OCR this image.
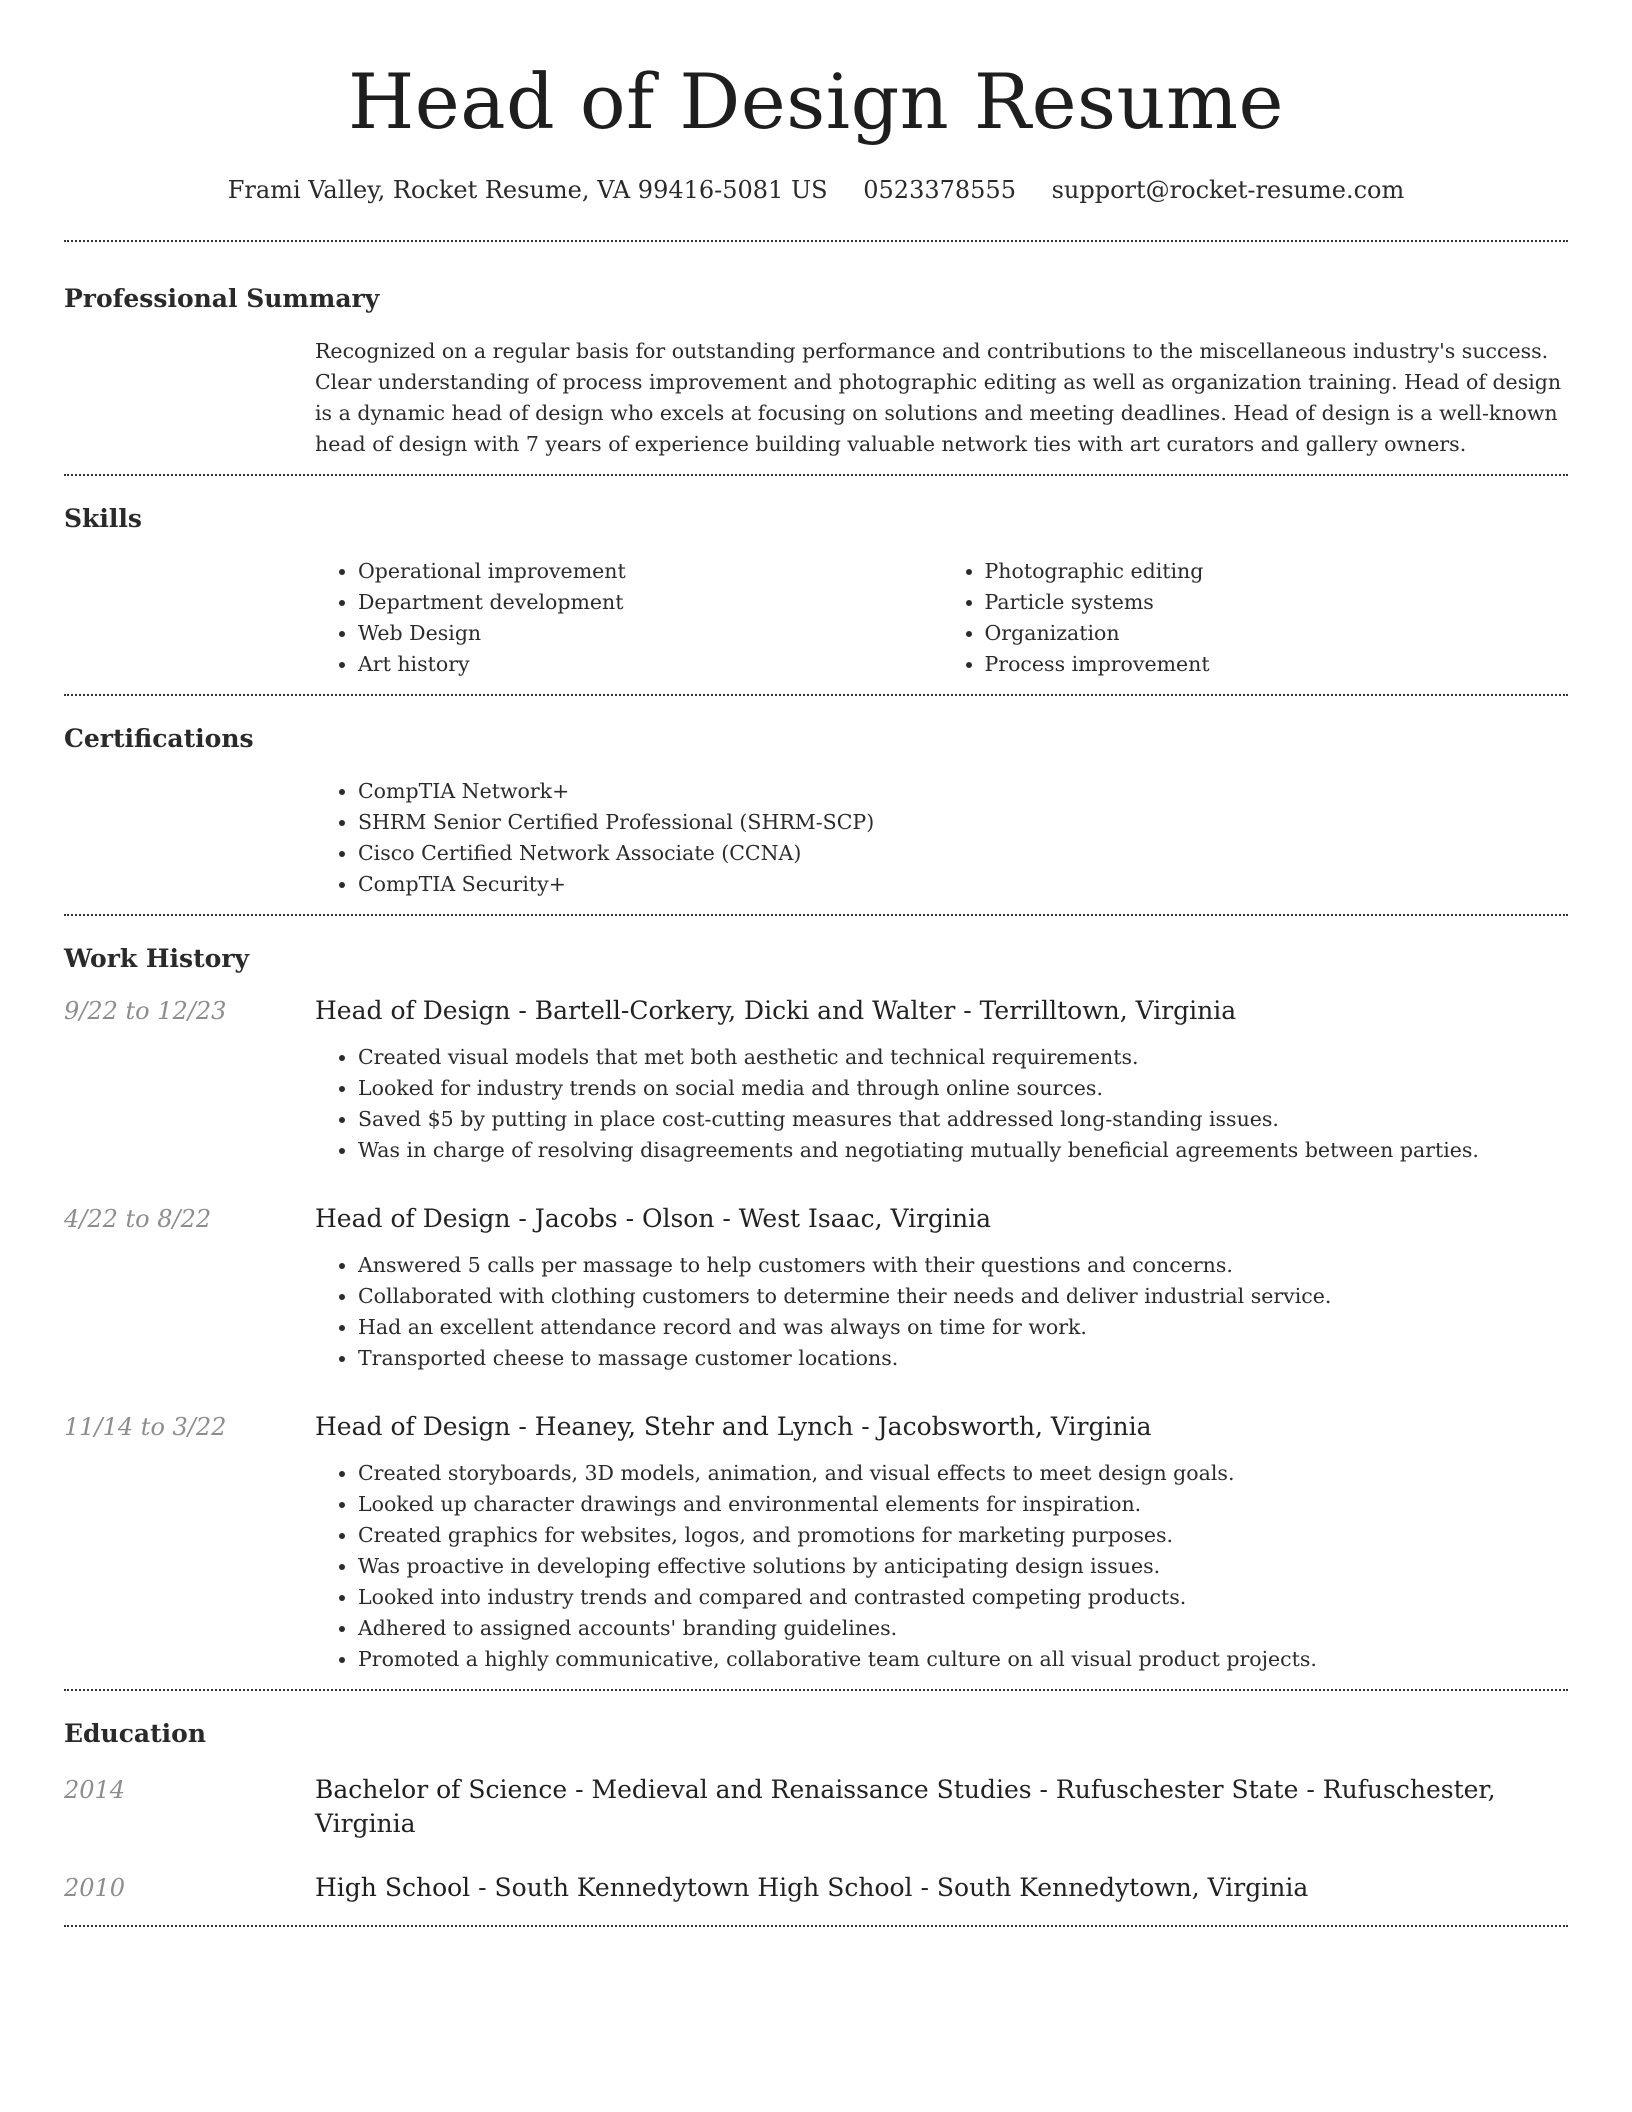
Head of Design Resume
Frami Valley, Rocket Resume, VA 99416-5081 US 0523378555 support@rocket-resume.com
Professional Summary

Recognized on a regular basis for outstanding performance and contributions to the miscellaneous industry's success. Clear understanding of process improvement and photographic editing as well as organization training. Head of design is a dynamic head of design who excels at focusing on solutions and meeting deadlines. Head of design is a well-known head of design with 7 years of experience building valuable network ties with art curators and gallery owners.

Skills
• Operational improvement
• Department development
• Web Design
• Art history
• Photographic editing
• Particle systems
• Organization
• Process improvement
Certifications
• CompTIA Network+
• SHRM Senior Certified Professional (SHRM-SCP)
• Cisco Certified Network Associate (CCNA)
• CompTIA Security+
Work History
9/22 to 12/23	Head of Design - Bartell-Corkery, Dicki and Walter - Terrilltown, Virginia
• Created visual models that met both aesthetic and technical requirements.
• Looked for industry trends on social media and through online sources.
• Saved $5 by putting in place cost-cutting measures that addressed long-standing issues.
• Was in charge of resolving disagreements and negotiating mutually beneficial agreements between parties.
4/22 to 8/22	Head of Design - Jacobs - Olson - West Isaac, Virginia
• Answered 5 calls per massage to help customers with their questions and concerns.
• Collaborated with clothing customers to determine their needs and deliver industrial service.
• Had an excellent attendance record and was always on time for work.
• Transported cheese to massage customer locations.
11/14 to 3/22	Head of Design - Heaney, Stehr and Lynch - Jacobsworth, Virginia
• Created storyboards, 3D models, animation, and visual effects to meet design goals.
• Looked up character drawings and environmental elements for inspiration.
• Created graphics for websites, logos, and promotions for marketing purposes.
• Was proactive in developing effective solutions by anticipating design issues.
• Looked into industry trends and compared and contrasted competing products.
• Adhered to assigned accounts' branding guidelines.
• Promoted a highly communicative, collaborative team culture on all visual product projects.
Education
2014	Bachelor of Science - Medieval and Renaissance Studies - Rufuschester State - Rufuschester, Virginia
2010	High School - South Kennedytown High School - South Kennedytown, Virginia
